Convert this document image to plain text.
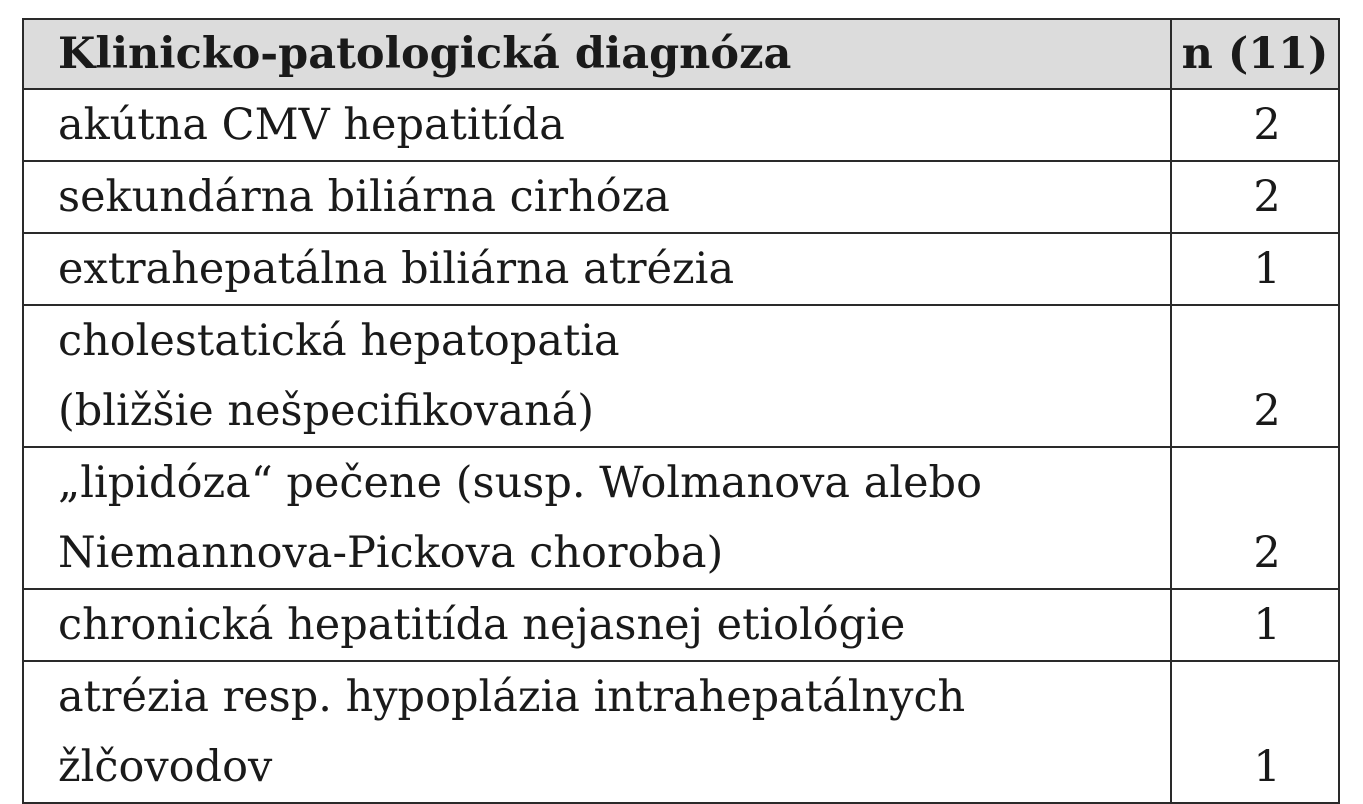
Klinicko-patologická diagnóza	n (11)
akútna CMV hepatitída	2
sekundárna biliárna cirhóza	2
extrahepatálna biliárna atrézia	1
cholestatická hepatopatia
(bližšie nešpecifikovaná)	2
„lipidóza“ pečene (susp. Wolmanova alebo
Niemannova-Pickova choroba)	2
chronická hepatitída nejasnej etiológie	1
atrézia resp. hypoplázia intrahepatálnych
žlčovodov	1
